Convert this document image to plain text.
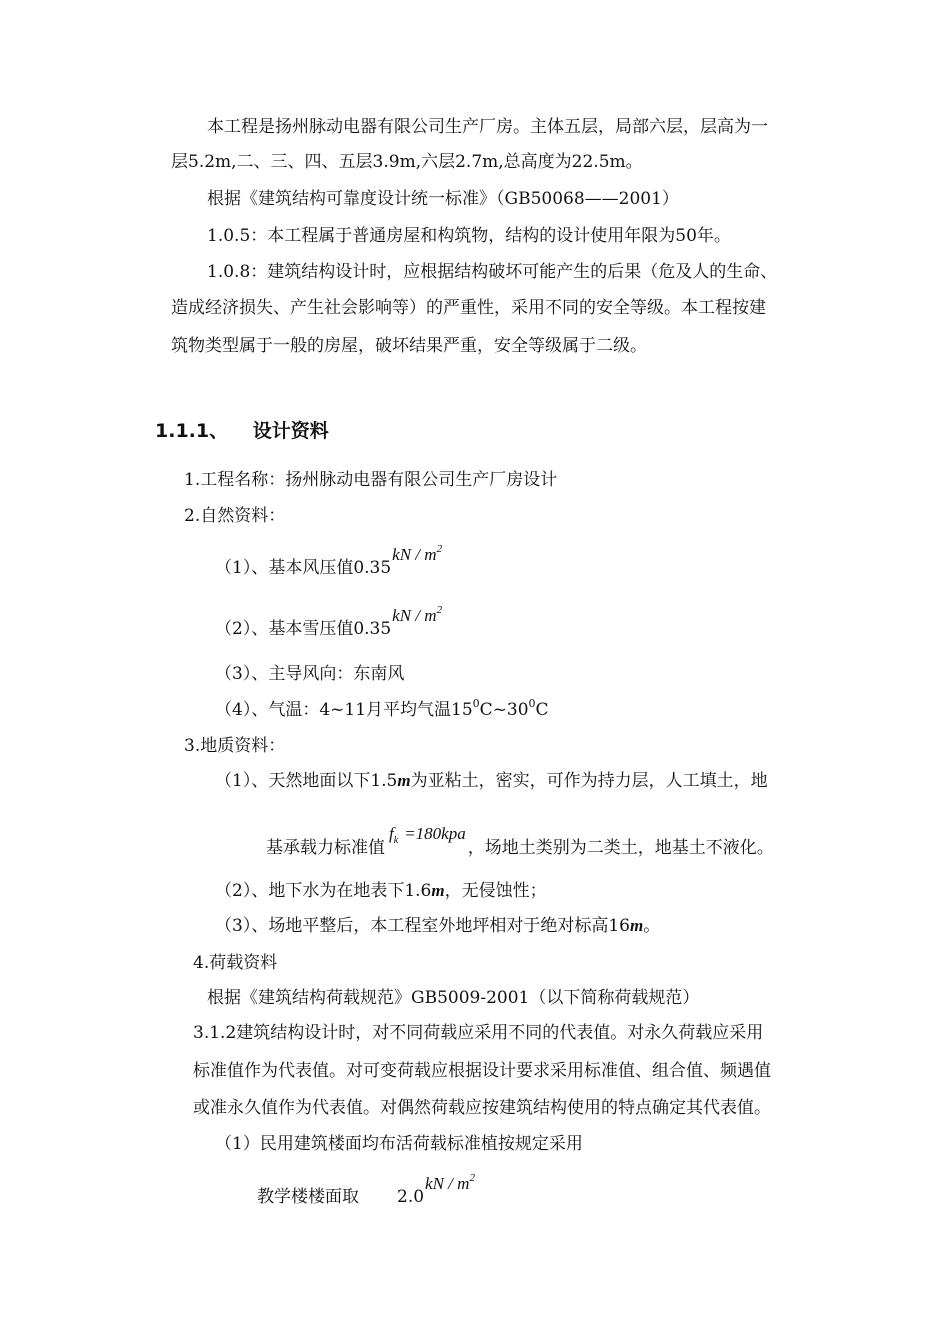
本工程是扬州脉动电器有限公司生产厂房。主体五层，局部六层，层高为一
层5.2m,二、三、四、五层3.9m,六层2.7m,总高度为22.5m。
根据《建筑结构可靠度设计统一标准》（GB50068——2001）
1.0.5：本工程属于普通房屋和构筑物，结构的设计使用年限为50年。
1.0.8：建筑结构设计时，应根据结构破坏可能产生的后果（危及人的生命、
造成经济损失、产生社会影响等）的严重性，采用不同的安全等级。本工程按建
筑物类型属于一般的房屋，破坏结果严重，安全等级属于二级。
1.1.1、 设计资料
1.工程名称：扬州脉动电器有限公司生产厂房设计
2.自然资料：
（1）、基本风压值$0.35kN / m^2$
（2）、基本雪压值$0.35kN / m^2$
（3）、主导风向：东南风
（4）、气温：4~11月平均气温$15^0C\sim 30^0C$
3.地质资料：
（1）、天然地面以下1.5m为亚粘土，密实，可作为持力层，人工填土，地
基承载力标准值$f_k =180kpa$，场地土类别为二类土，地基土不液化。
（2）、地下水为在地表下1.6m，无侵蚀性；
（3）、场地平整后，本工程室外地坪相对于绝对标高16m。
4.荷载资料
根据《建筑结构荷载规范》GB5009-2001（以下简称荷载规范）
3.1.2建筑结构设计时，对不同荷载应采用不同的代表值。对永久荷载应采用
标准值作为代表值。对可变荷载应根据设计要求采用标准值、组合值、频遇值
或准永久值作为代表值。对偶然荷载应按建筑结构使用的特点确定其代表值。
（1）民用建筑楼面均布活荷载标准植按规定采用
教学楼楼面取 $2.0kN / m^2$
